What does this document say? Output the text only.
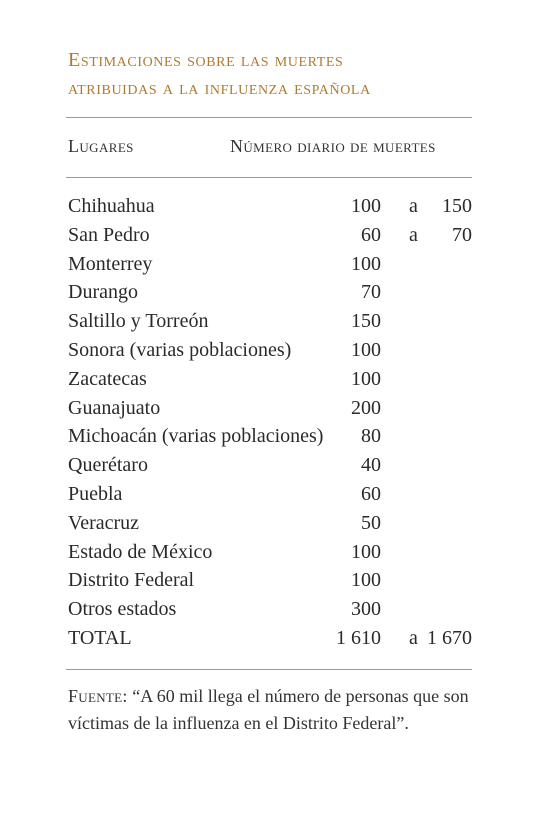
Estimaciones sobre las muertes
atribuidas a la influenza española
Lugares	Número diario de muertes
Chihuahua	100 a 150
San Pedro	60 a 70
Monterrey	100
Durango	70
Saltillo y Torreón	150
Sonora (varias poblaciones)	100
Zacatecas	100
Guanajuato	200
Michoacán (varias poblaciones) 80
Querétaro	40
Puebla	60
Veracruz	50
Estado de México	100
Distrito Federal	100
Otros estados	300
TOTAL	1 610 a 1 670
Fuente: “A 60 mil llega el número de personas que son víctimas de la influenza en el Distrito Federal”.
